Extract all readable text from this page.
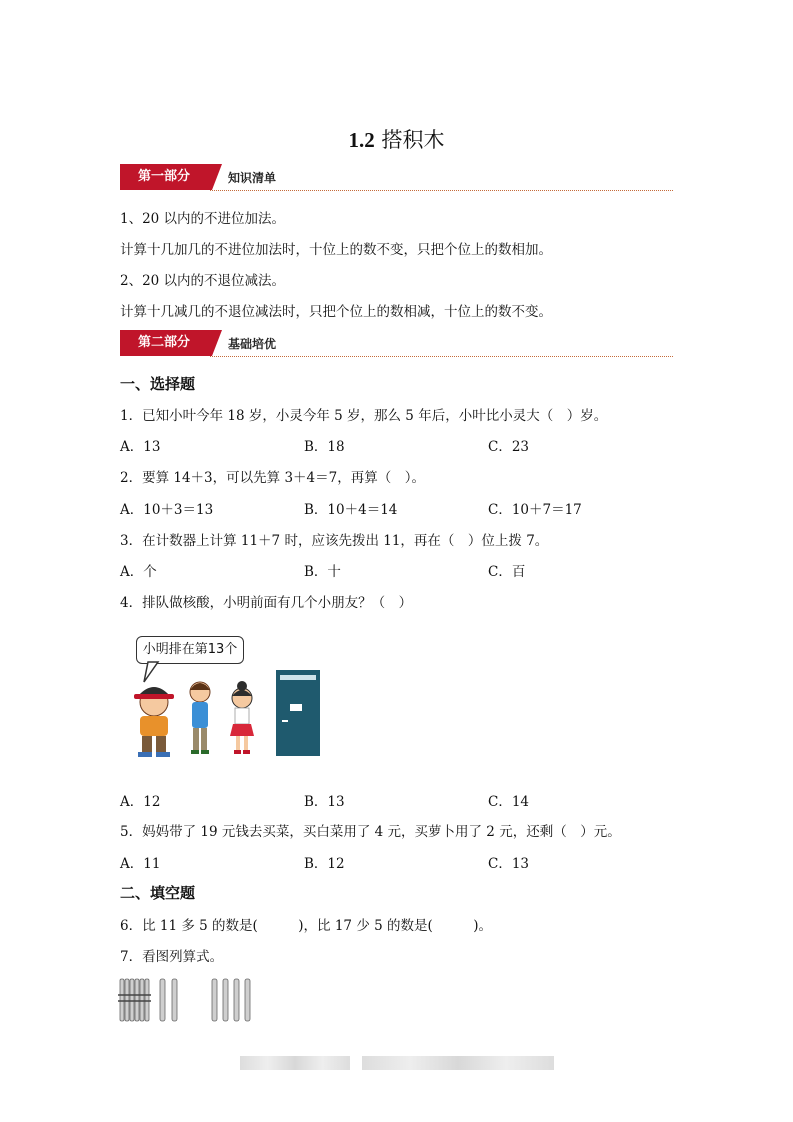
1.2 搭积木
第一部分	知识清单
1、20 以内的不进位加法。
计算十几加几的不进位加法时，十位上的数不变，只把个位上的数相加。
2、20 以内的不退位减法。
计算十几减几的不退位减法时，只把个位上的数相减，十位上的数不变。
第二部分	基础培优
一、选择题
1．已知小叶今年 18 岁，小灵今年 5 岁，那么 5 年后，小叶比小灵大（　）岁。
A．13	B．18	C．23
2．要算 14＋3，可以先算 3＋4＝7，再算（　）。
A．10＋3＝13	B．10＋4＝14	C．10＋7＝17
3．在计数器上计算 11＋7 时，应该先拨出 11，再在（　）位上拨 7。
A．个	B．十	C．百
4．排队做核酸，小明前面有几个小朋友？（　）
小明排在第13个
A．12	B．13	C．14
5．妈妈带了 19 元钱去买菜，买白菜用了 4 元，买萝卜用了 2 元，还剩（　）元。
A．11	B．12	C．13
二、填空题
6．比 11 多 5 的数是(　　　)，比 17 少 5 的数是(　　　)。
7．看图列算式。
